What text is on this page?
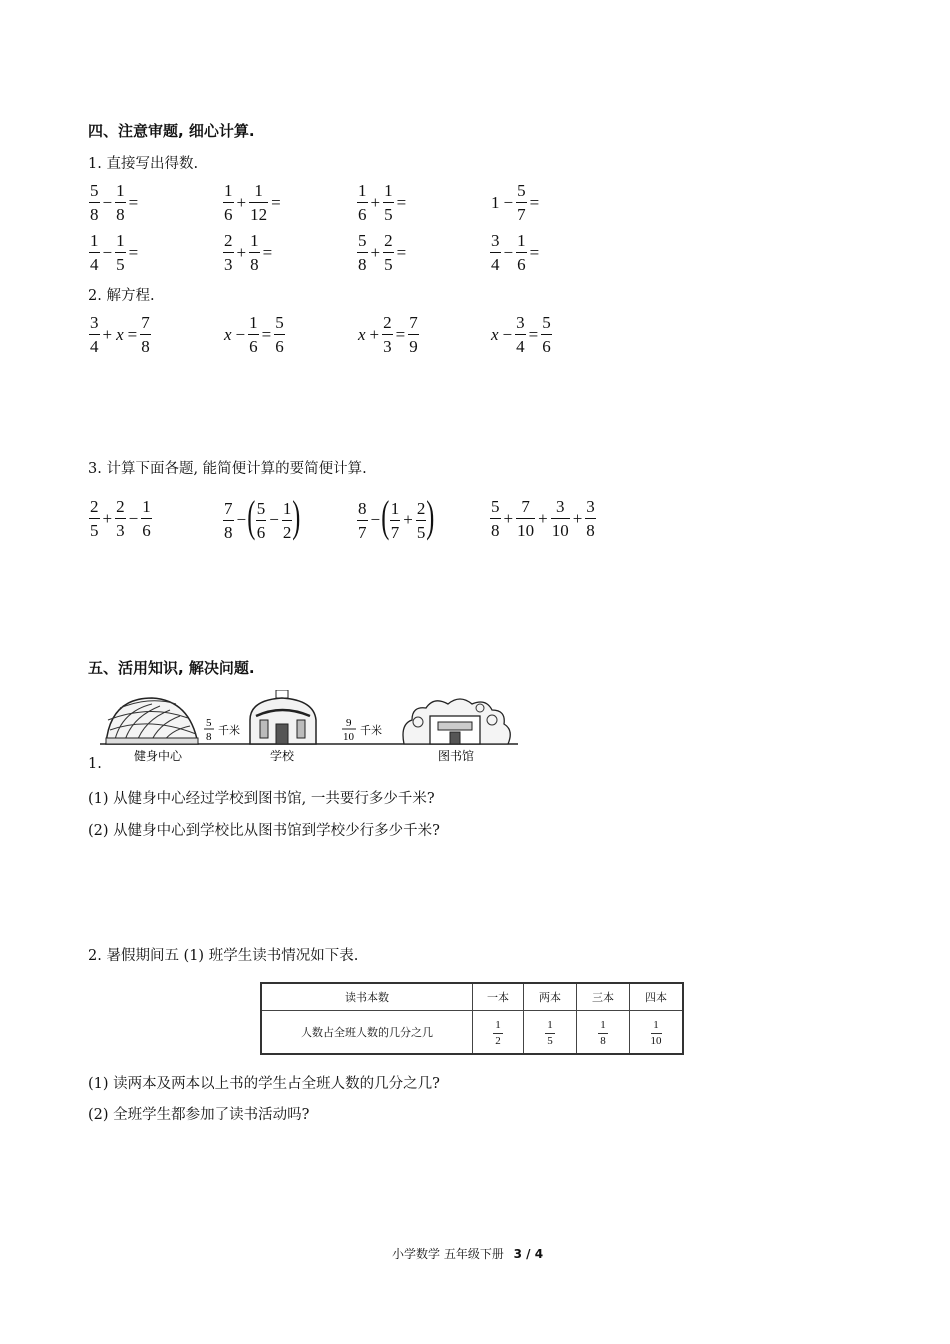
四、注意审题, 细心计算.
1. 直接写出得数.
$\frac{5}{8} - \frac{1}{8}$ =	$\frac{1}{6} + \frac{1}{12}$ =	$\frac{1}{6} + \frac{1}{5}$ =	$1 - \frac{5}{7}$ =
$\frac{1}{4} - \frac{1}{5}$ =	$\frac{2}{3} + \frac{1}{8}$ =	$\frac{5}{8} + \frac{2}{5}$ =	$\frac{3}{4} - \frac{1}{6}$ =
2. 解方程.
$\frac{3}{4} + x = \frac{7}{8}$	$x - \frac{1}{6} = \frac{5}{6}$	$x + \frac{2}{3} = \frac{7}{9}$	$x - \frac{3}{4} = \frac{5}{6}$
3. 计算下面各题, 能简便计算的要简便计算.
$\frac{2}{5} + \frac{2}{3} - \frac{1}{6}$	$\frac{7}{8}$ − ( $\frac{5}{6} - \frac{1}{2}$ )	$\frac{8}{7}$ − ( $\frac{1}{7} + \frac{2}{5}$ )	$\frac{5}{8} + \frac{7}{10} + \frac{3}{10} + \frac{3}{8}$
五、活用知识, 解决问题.
健身中心	学校	图书馆
5
8 千米
9
10 千米
1.
(1) 从健身中心经过学校到图书馆, 一共要行多少千米?
(2) 从健身中心到学校比从图书馆到学校少行多少千米?
2. 暑假期间五 (1) 班学生读书情况如下表.
读书本数	一本	两本	三本	四本
人数占全班人数的几分之几	$\frac{1}{2}$	$\frac{1}{5}$	$\frac{1}{8}$	$\frac{1}{10}$
(1) 读两本及两本以上书的学生占全班人数的几分之几?
(2) 全班学生都参加了读书活动吗?
小学数学 五年级下册 3 / 4
